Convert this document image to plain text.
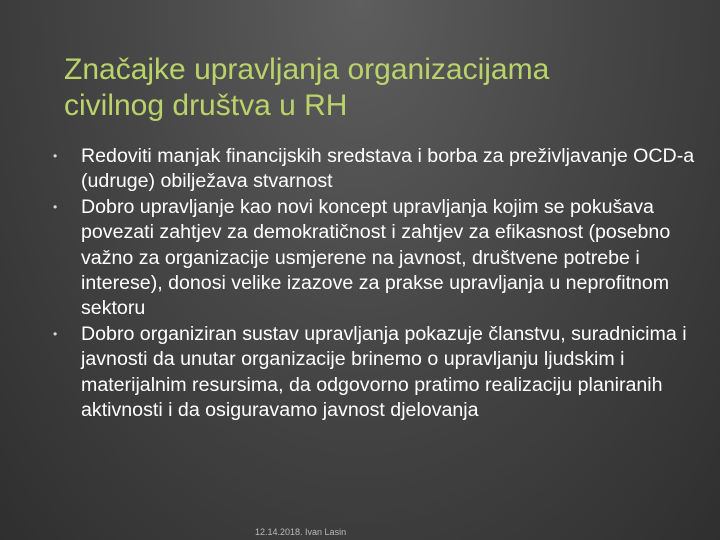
Značajke upravljanja organizacijama
civilnog društva u RH
• Redoviti manjak financijskih sredstava i borba za preživljavanje OCD-a (udruge) obilježava stvarnost
• Dobro upravljanje kao novi koncept upravljanja kojim se pokušava povezati zahtjev za demokratičnost i zahtjev za efikasnost (posebno važno za organizacije usmjerene na javnost, društvene potrebe i interese), donosi velike izazove za prakse upravljanja u neprofitnom sektoru
• Dobro organiziran sustav upravljanja pokazuje članstvu, suradnicima i javnosti da unutar organizacije brinemo o upravljanju ljudskim i materijalnim resursima, da odgovorno pratimo realizaciju planiranih aktivnosti i da osiguravamo javnost djelovanja
12.14.2018. Ivan Lasin
